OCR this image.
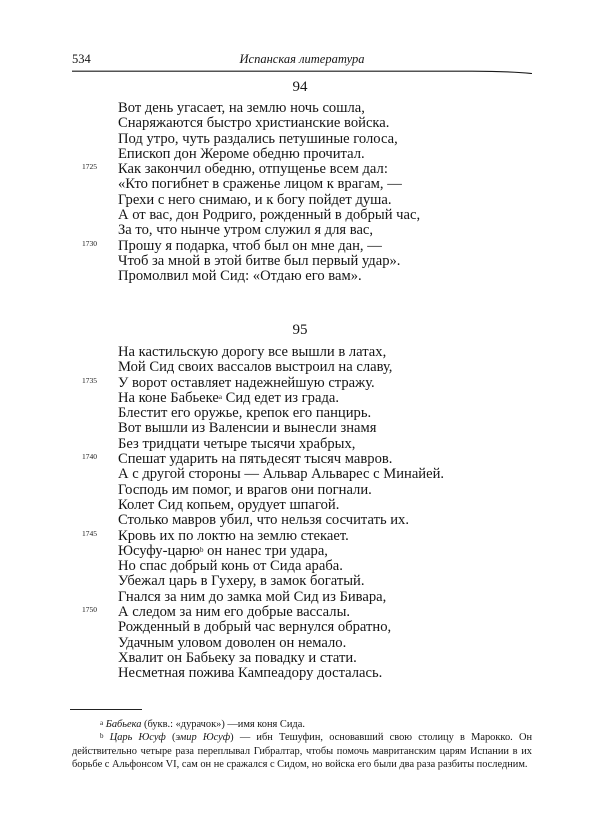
534	Испанская литература
94
Вот день угасает, на землю ночь сошла,
Снаряжаются быстро христианские войска.
Под утро, чуть раздались петушиные голоса,
Епископ дон Жероме обедню прочитал.
1725 Как закончил обедню, отпущенье всем дал:
«Кто погибнет в сраженье лицом к врагам, —
Грехи с него снимаю, и к богу пойдет душа.
А от вас, дон Родриго, рожденный в добрый час,
За то, что нынче утром служил я для вас,
1730 Прошу я подарка, чтоб был он мне дан, —
Чтоб за мной в этой битве был первый удар».
Промолвил мой Сид: «Отдаю его вам».
95
На кастильскую дорогу все вышли в латах,
Мой Сид своих вассалов выстроил на славу,
1735 У ворот оставляет надежнейшую стражу.
На коне Бабьеке$^a$ Сид едет из града.
Блестит его оружье, крепок его панцирь.
Вот вышли из Валенсии и вынесли знамя
Без тридцати четыре тысячи храбрых,
1740 Спешат ударить на пятьдесят тысяч мавров.
А с другой стороны — Альвар Альварес с Минайей.
Господь им помог, и врагов они погнали.
Колет Сид копьем, орудует шпагой.
Столько мавров убил, что нельзя сосчитать их.
1745 Кровь их по локтю на землю стекает.
Юсуфу-царю$^b$ он нанес три удара,
Но спас добрый конь от Сида араба.
Убежал царь в Гухеру, в замок богатый.
Гнался за ним до замка мой Сид из Бивара,
1750 А следом за ним его добрые вассалы.
Рожденный в добрый час вернулся обратно,
Удачным уловом доволен он немало.
Хвалит он Бабьеку за повадку и стати.
Несметная пожива Кампеадору досталась.
$^a$ Бабьека (букв.: «дурачок») —имя коня Сида.
$^b$ Царь Юсуф (эмир Юсуф) — ибн Тешуфин, основавший свою столицу в Марокко. Он действительно четыре раза переплывал Гибралтар, чтобы помочь мавританским царям Испании в их борьбе с Альфонсом VI, сам он не сражался с Сидом, но войска его были два раза разбиты последним.
